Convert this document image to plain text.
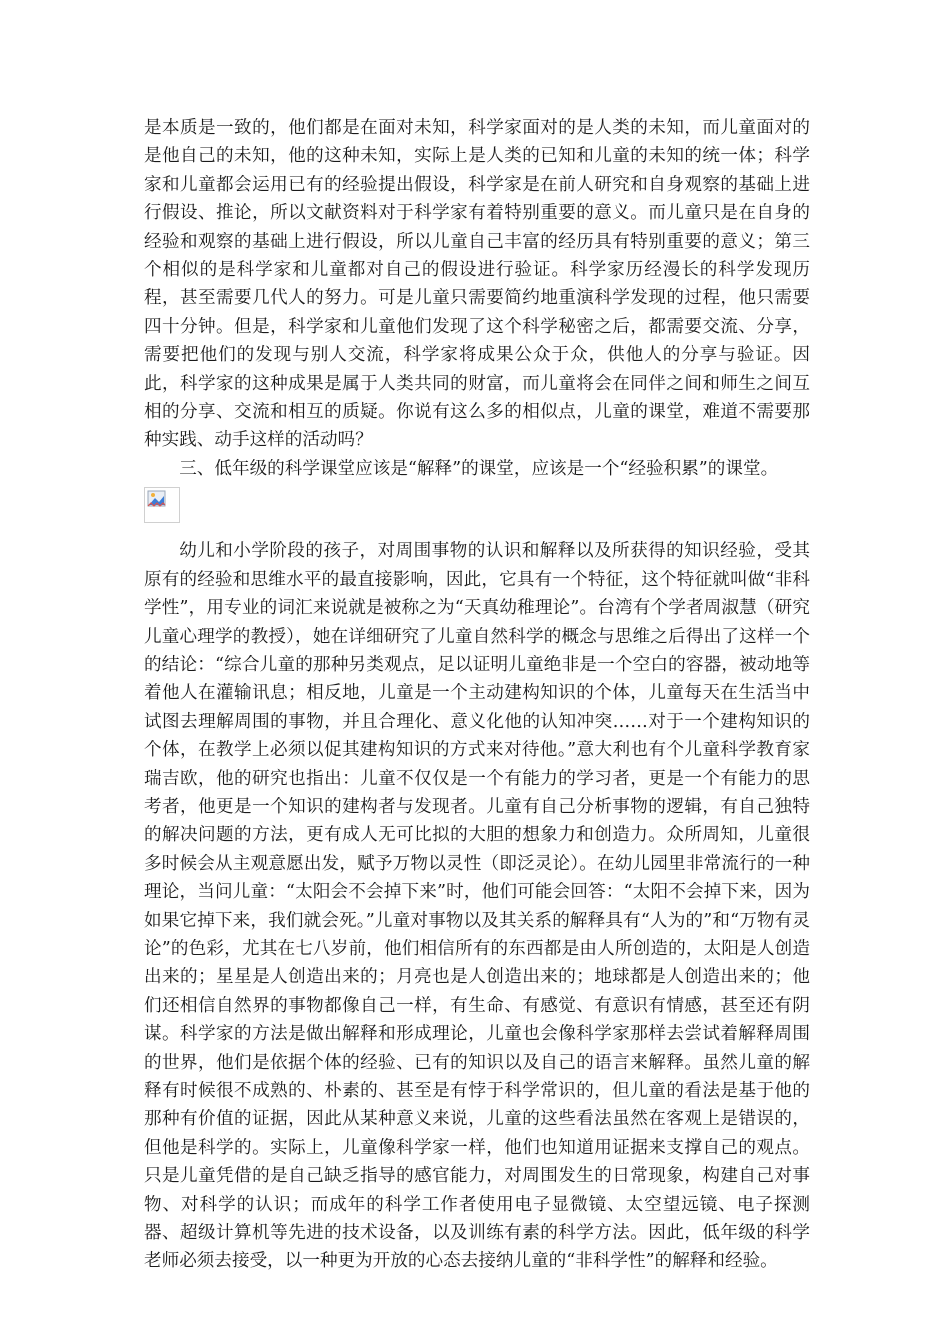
是本质是一致的，他们都是在面对未知，科学家面对的是人类的未知，而儿童面对的是他自己的未知，他的这种未知，实际上是人类的已知和儿童的未知的统一体；科学家和儿童都会运用已有的经验提出假设，科学家是在前人研究和自身观察的基础上进行假设、推论，所以文献资料对于科学家有着特别重要的意义。而儿童只是在自身的经验和观察的基础上进行假设，所以儿童自己丰富的经历具有特别重要的意义；第三个相似的是科学家和儿童都对自己的假设进行验证。科学家历经漫长的科学发现历程，甚至需要几代人的努力。可是儿童只需要简约地重演科学发现的过程，他只需要四十分钟。但是，科学家和儿童他们发现了这个科学秘密之后，都需要交流、分享，需要把他们的发现与别人交流，科学家将成果公众于众，供他人的分享与验证。因此，科学家的这种成果是属于人类共同的财富，而儿童将会在同伴之间和师生之间互相的分享、交流和相互的质疑。你说有这么多的相似点，儿童的课堂，难道不需要那种实践、动手这样的活动吗？

三、低年级的科学课堂应该是“解释”的课堂，应该是一个“经验积累”的课堂。

幼儿和小学阶段的孩子，对周围事物的认识和解释以及所获得的知识经验，受其原有的经验和思维水平的最直接影响，因此，它具有一个特征，这个特征就叫做“非科学性”，用专业的词汇来说就是被称之为“天真幼稚理论”。台湾有个学者周淑慧（研究儿童心理学的教授），她在详细研究了儿童自然科学的概念与思维之后得出了这样一个的结论：“综合儿童的那种另类观点，足以证明儿童绝非是一个空白的容器，被动地等着他人在灌输讯息；相反地，儿童是一个主动建构知识的个体，儿童每天在生活当中试图去理解周围的事物，并且合理化、意义化他的认知冲突……对于一个建构知识的个体，在教学上必须以促其建构知识的方式来对待他。”意大利也有个儿童科学教育家瑞吉欧，他的研究也指出：儿童不仅仅是一个有能力的学习者，更是一个有能力的思考者，他更是一个知识的建构者与发现者。儿童有自己分析事物的逻辑，有自己独特的解决问题的方法，更有成人无可比拟的大胆的想象力和创造力。众所周知，儿童很多时候会从主观意愿出发，赋予万物以灵性（即泛灵论）。在幼儿园里非常流行的一种理论，当问儿童：“太阳会不会掉下来”时，他们可能会回答：“太阳不会掉下来，因为如果它掉下来，我们就会死。”儿童对事物以及其关系的解释具有“人为的”和“万物有灵论”的色彩，尤其在七八岁前，他们相信所有的东西都是由人所创造的，太阳是人创造出来的；星星是人创造出来的；月亮也是人创造出来的；地球都是人创造出来的；他们还相信自然界的事物都像自己一样，有生命、有感觉、有意识有情感，甚至还有阴谋。科学家的方法是做出解释和形成理论，儿童也会像科学家那样去尝试着解释周围的世界，他们是依据个体的经验、已有的知识以及自己的语言来解释。虽然儿童的解释有时候很不成熟的、朴素的、甚至是有悖于科学常识的，但儿童的看法是基于他的那种有价值的证据，因此从某种意义来说，儿童的这些看法虽然在客观上是错误的，但他是科学的。实际上，儿童像科学家一样，他们也知道用证据来支撑自己的观点。只是儿童凭借的是自己缺乏指导的感官能力，对周围发生的日常现象，构建自己对事物、对科学的认识；而成年的科学工作者使用电子显微镜、太空望远镜、电子探测器、超级计算机等先进的技术设备，以及训练有素的科学方法。因此，低年级的科学老师必须去接受，以一种更为开放的心态去接纳儿童的“非科学性”的解释和经验。
